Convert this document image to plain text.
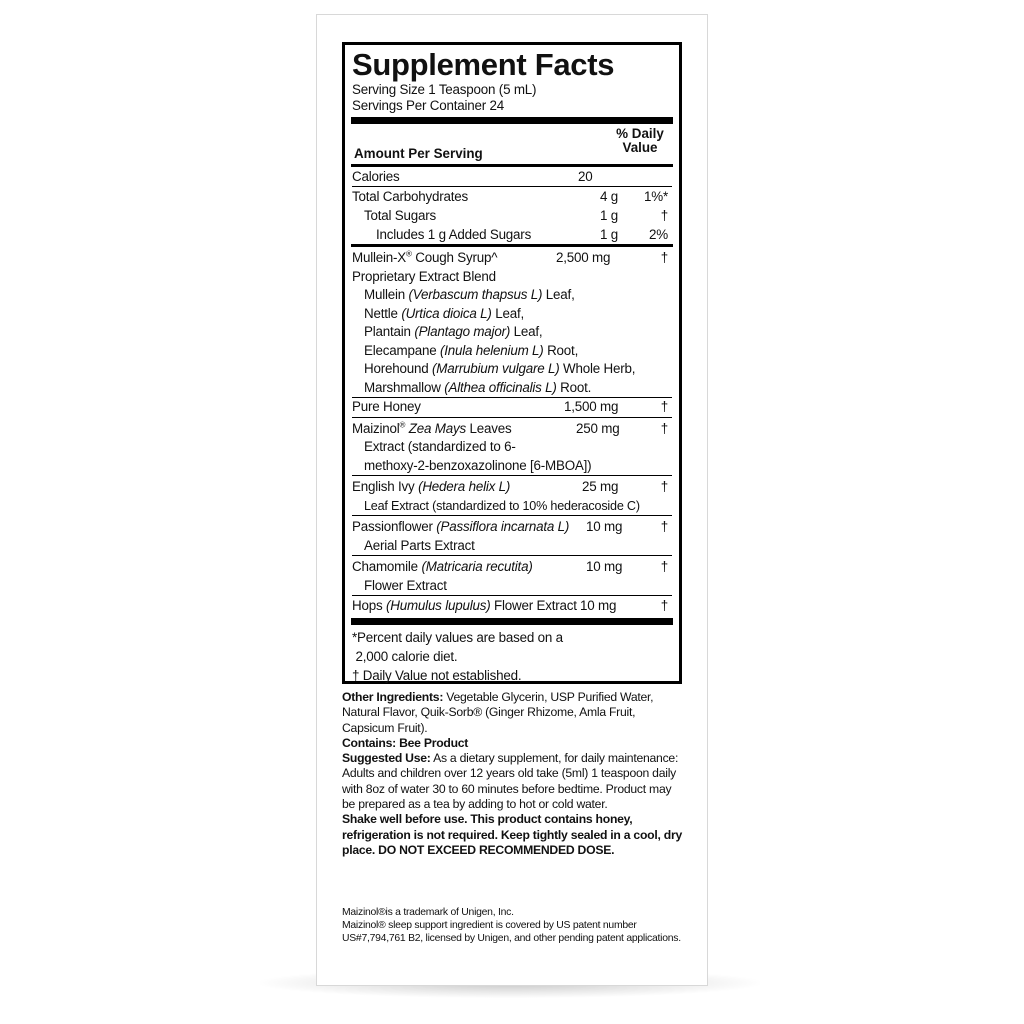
Supplement Facts
Serving Size 1 Teaspoon (5 mL)
Servings Per Container 24
Amount Per Serving
% Daily
Value
Calories	20
Total Carbohydrates	4 g	1%*
Total Sugars	1 g	†
Includes 1 g Added Sugars	1 g	2%
Mullein-X® Cough Syrup^
Proprietary Extract Blend
2,500 mg	†
Mullein (Verbascum thapsus L) Leaf,
Nettle (Urtica dioica L) Leaf,
Plantain (Plantago major) Leaf,
Elecampane (Inula helenium L) Root,
Horehound (Marrubium vulgare L) Whole Herb,
Marshmallow (Althea officinalis L) Root.
Pure Honey	1,500 mg	†
Maizinol® Zea Mays Leaves
Extract (standardized to 6-
methoxy-2-benzoxazolinone [6-MBOA])
250 mg	†
English Ivy (Hedera helix L)
Leaf Extract (standardized to 10% hederacoside C)
25 mg	†
Passionflower (Passiflora incarnata L)
Aerial Parts Extract
10 mg	†
Chamomile (Matricaria recutita)
Flower Extract
10 mg	†
Hops (Humulus lupulus) Flower Extract 10 mg	†
*Percent daily values are based on a
2,000 calorie diet.
† Daily Value not established.
Other Ingredients: Vegetable Glycerin, USP Purified Water, Natural Flavor, Quik-Sorb® (Ginger Rhizome, Amla Fruit, Capsicum Fruit).
Contains: Bee Product
Suggested Use: As a dietary supplement, for daily maintenance: Adults and children over 12 years old take (5ml) 1 teaspoon daily with 8oz of water 30 to 60 minutes before bedtime. Product may be prepared as a tea by adding to hot or cold water.
Shake well before use. This product contains honey, refrigeration is not required. Keep tightly sealed in a cool, dry place. DO NOT EXCEED RECOMMENDED DOSE.
Maizinol®is a trademark of Unigen, Inc.
Maizinol® sleep support ingredient is covered by US patent number US#7,794,761 B2, licensed by Unigen, and other pending patent applications.
